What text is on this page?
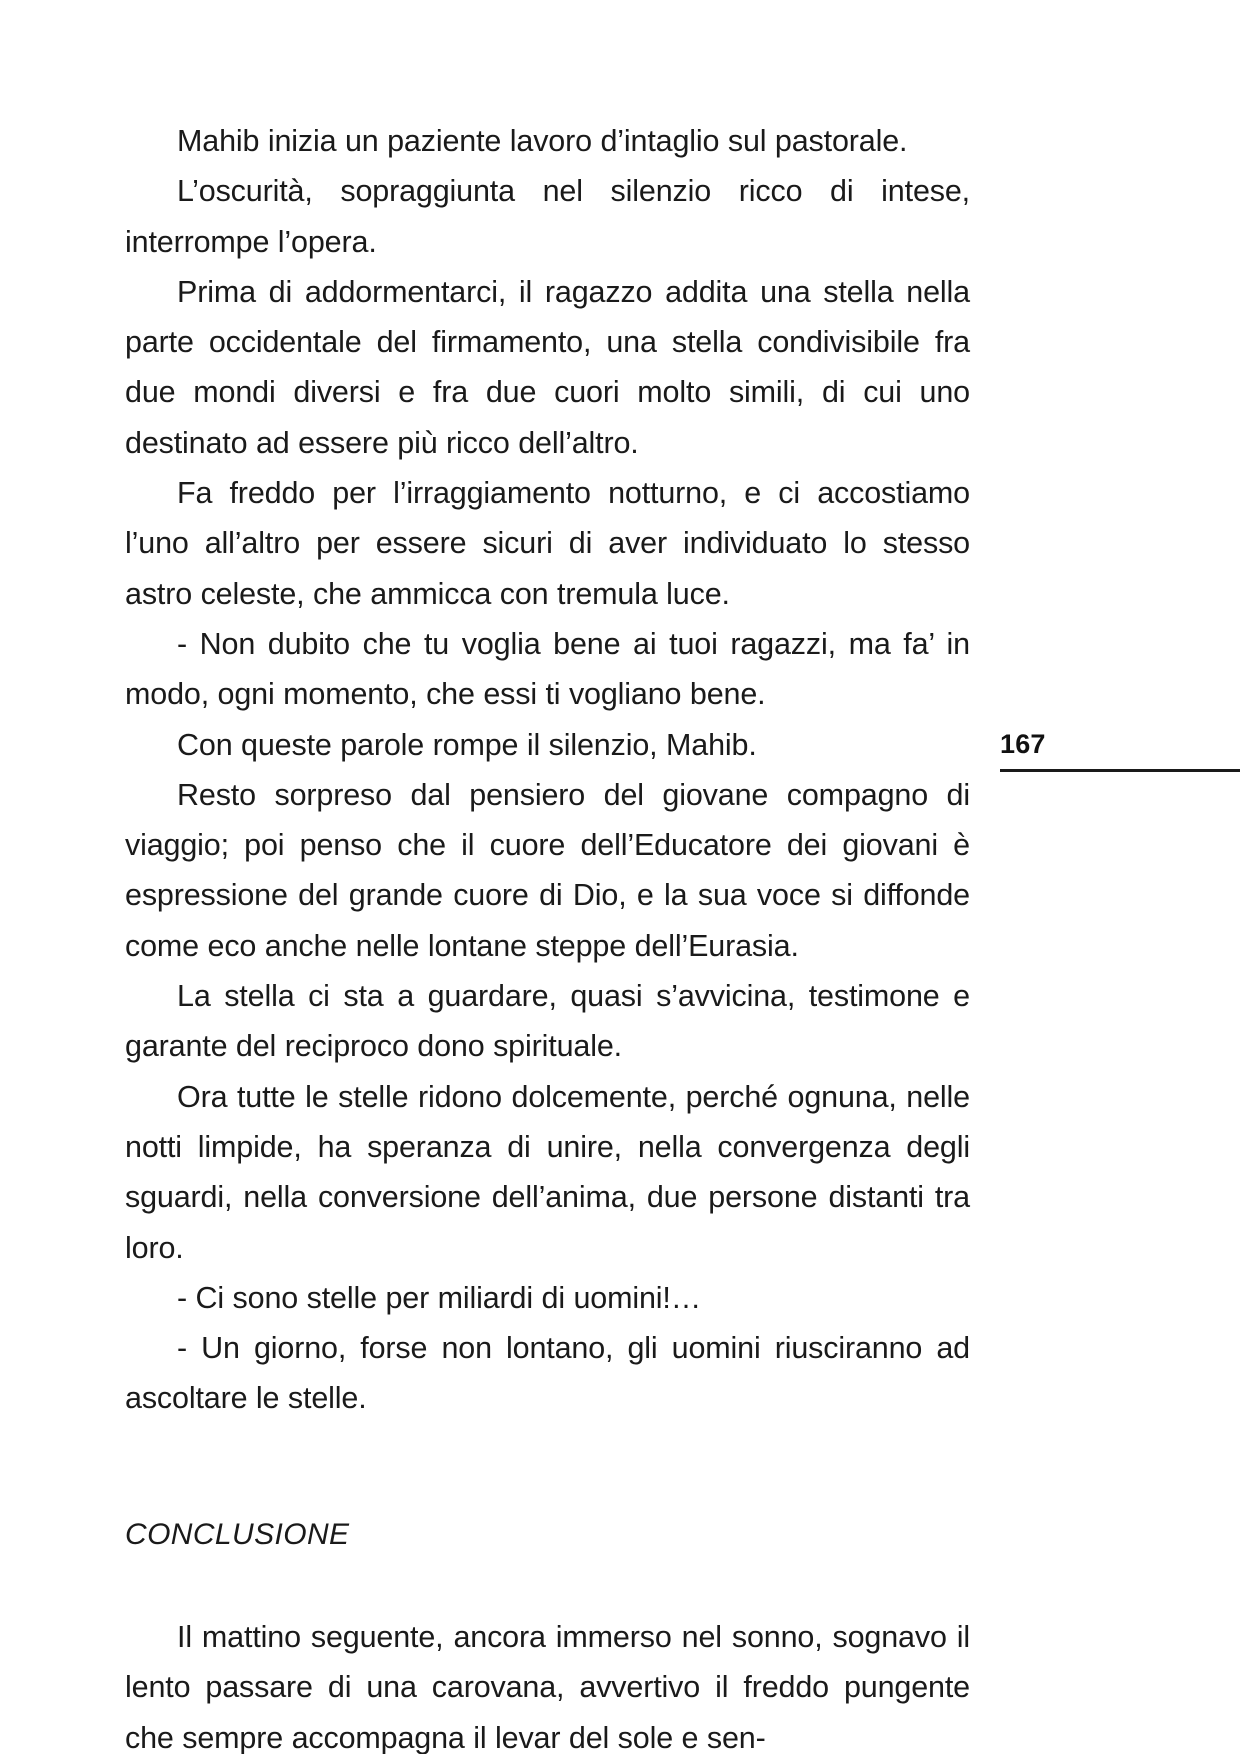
Mahib inizia un paziente lavoro d’intaglio sul pastorale.

L’oscurità, sopraggiunta nel silenzio ricco di intese, interrompe l’opera.

Prima di addormentarci, il ragazzo addita una stella nella parte occidentale del firmamento, una stella condivisibile fra due mondi diversi e fra due cuori molto simili, di cui uno destinato ad essere più ricco dell’altro.

Fa freddo per l’irraggiamento notturno, e ci accostiamo l’uno all’altro per essere sicuri di aver individuato lo stesso astro celeste, che ammicca con tremula luce.

- Non dubito che tu voglia bene ai tuoi ragazzi, ma fa’ in modo, ogni momento, che essi ti vogliano bene.

Con queste parole rompe il silenzio, Mahib.

Resto sorpreso dal pensiero del giovane compagno di viaggio; poi penso che il cuore dell’Educatore dei giovani è espressione del grande cuore di Dio, e la sua voce si diffonde come eco anche nelle lontane steppe dell’Eurasia.

La stella ci sta a guardare, quasi s’avvicina, testimone e garante del reciproco dono spirituale.

Ora tutte le stelle ridono dolcemente, perché ognuna, nelle notti limpide, ha speranza di unire, nella convergenza degli sguardi, nella conversione dell’anima, due persone distanti tra loro.

- Ci sono stelle per miliardi di uomini!…

- Un giorno, forse non lontano, gli uomini riusciranno ad ascoltare le stelle.

CONCLUSIONE

Il mattino seguente, ancora immerso nel sonno, sognavo il lento passare di una carovana, avvertivo il freddo pungente che sempre accompagna il levar del sole e sen-

167
